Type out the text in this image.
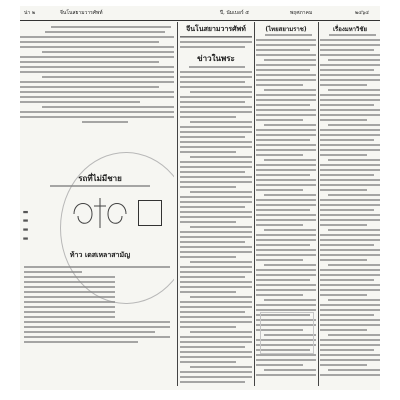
น่า ๒	จีนโนสยามวารศัพท์	ปี, นัมเบอร์ ๕	พฤศภาคม	๒๔๖๔
รถที่ไม่มีชาย
▬ ▬ ▬ ▬
ท้าว เดสเหลาสามัญ
จีนโนสยามวารศัพท์
ข่าวในพระ
(ไทยสยามราช)	เรื่องมหาวิชัย
